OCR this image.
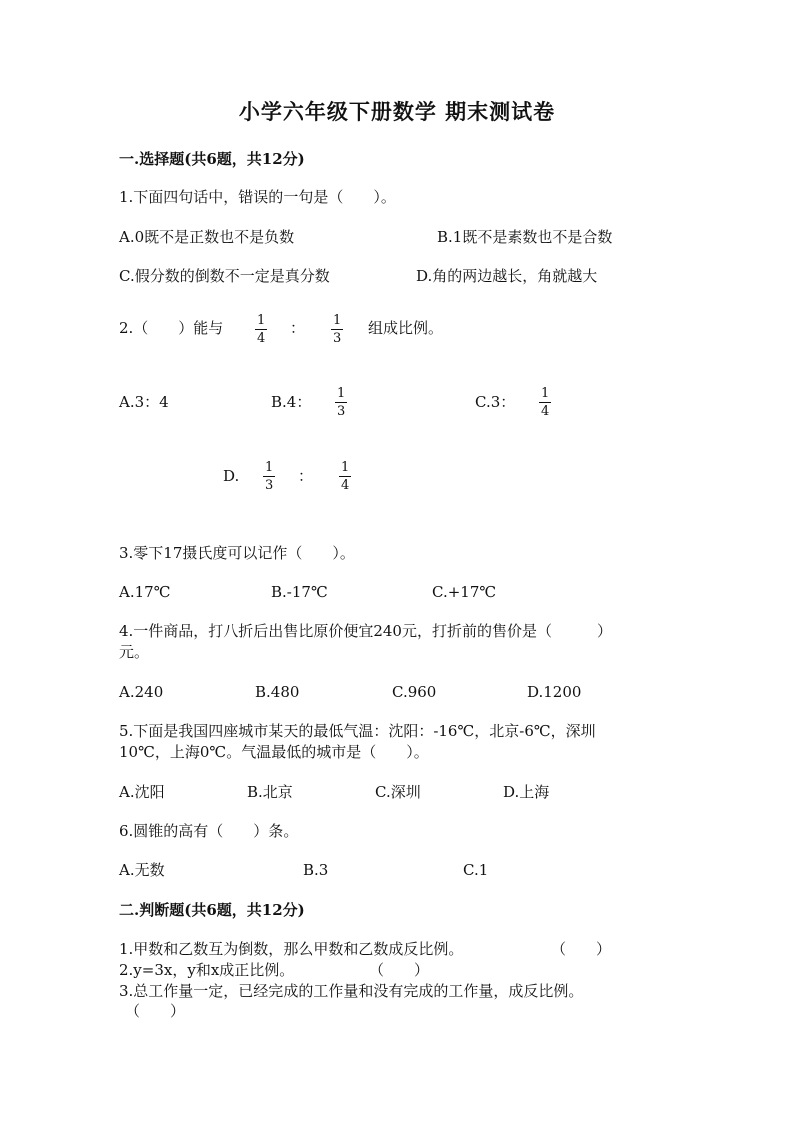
小学六年级下册数学 期末测试卷
一.选择题(共6题，共12分)
1.下面四句话中，错误的一句是（　　）。
A.0既不是正数也不是负数	B.1既不是素数也不是合数
C.假分数的倒数不一定是真分数	D.角的两边越长，角就越大
2.（　　）能与	1
4
： 1
3
组成比例。
A.3：4	B.4： 1
3
C.3： 1
4
D. 1
3
： 1
4
3.零下17摄氏度可以记作（　　）。
A.17℃	B.-17℃	C.+17℃
4.一件商品，打八折后出售比原价便宜240元，打折前的售价是（　　　）
元。
A.240	B.480	C.960	D.1200
5.下面是我国四座城市某天的最低气温：沈阳：-16℃，北京-6℃，深圳
10℃，上海0℃。气温最低的城市是（　　）。
A.沈阳	B.北京	C.深圳	D.上海
6.圆锥的高有（　　）条。
A.无数	B.3	C.1
二.判断题(共6题，共12分)
1.甲数和乙数互为倒数，那么甲数和乙数成反比例。	（　　）
2.y=3x，y和x成正比例。	（　　）
3.总工作量一定，已经完成的工作量和没有完成的工作量，成反比例。
（　　）
